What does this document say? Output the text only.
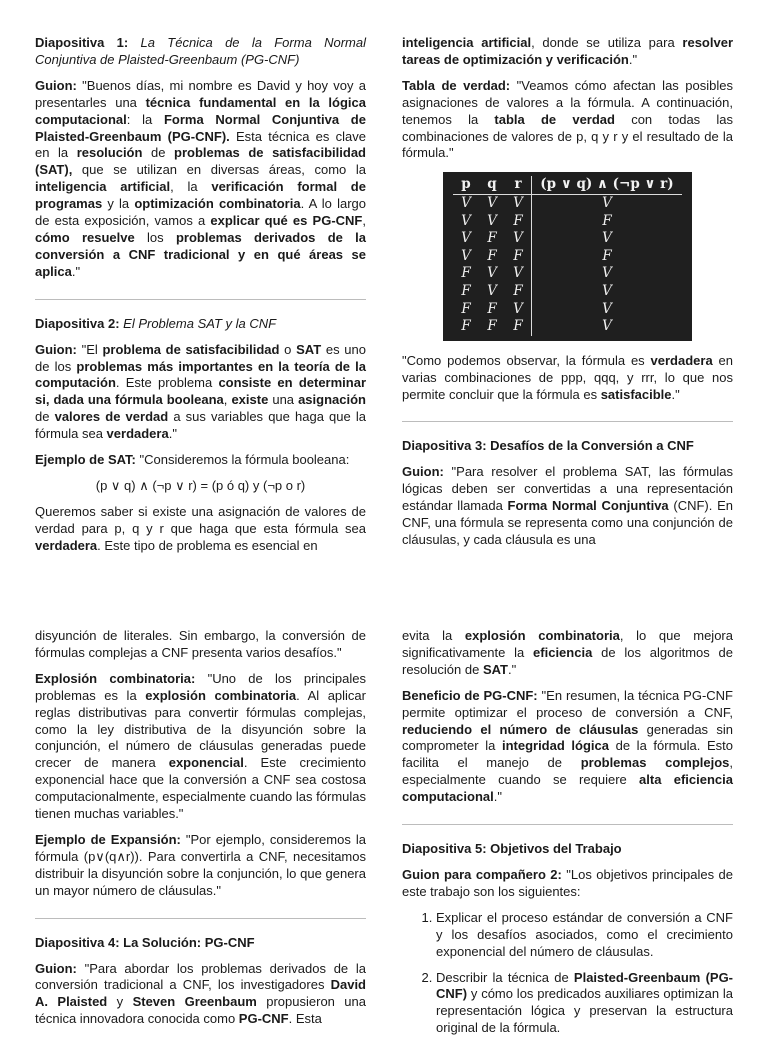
Diapositiva 1: La Técnica de la Forma Normal Conjuntiva de Plaisted-Greenbaum (PG-CNF)

Guion: "Buenos días, mi nombre es David y hoy voy a presentarles una técnica fundamental en la lógica computacional: la Forma Normal Conjuntiva de Plaisted-Greenbaum (PG-CNF). Esta técnica es clave en la resolución de problemas de satisfacibilidad (SAT), que se utilizan en diversas áreas, como la inteligencia artificial, la verificación formal de programas y la optimización combinatoria. A lo largo de esta exposición, vamos a explicar qué es PG-CNF, cómo resuelve los problemas derivados de la conversión a CNF tradicional y en qué áreas se aplica."

Diapositiva 2: El Problema SAT y la CNF

Guion: "El problema de satisfacibilidad o SAT es uno de los problemas más importantes en la teoría de la computación. Este problema consiste en determinar si, dada una fórmula booleana, existe una asignación de valores de verdad a sus variables que haga que la fórmula sea verdadera."

Ejemplo de SAT: "Consideremos la fórmula booleana:

(p ∨ q) ∧ (¬p ∨ r) = (p ó q) y (¬p o r)

Queremos saber si existe una asignación de valores de verdad para p, q y r que haga que esta fórmula sea verdadera. Este tipo de problema es esencial en

inteligencia artificial, donde se utiliza para resolver tareas de optimización y verificación."

Tabla de verdad: "Veamos cómo afectan las posibles asignaciones de valores a la fórmula. A continuación, tenemos la tabla de verdad con todas las combinaciones de valores de p, q y r y el resultado de la fórmula."

p	q	r	(p ∨ q) ∧ (¬p ∨ r)
V	V	V	V
V	V	F	F
V	F	V	V
V	F	F	F
F	V	V	V
F	V	F	V
F	F	V	V
F	F	F	V

"Como podemos observar, la fórmula es verdadera en varias combinaciones de ppp, qqq, y rrr, lo que nos permite concluir que la fórmula es satisfacible."

Diapositiva 3: Desafíos de la Conversión a CNF

Guion: "Para resolver el problema SAT, las fórmulas lógicas deben ser convertidas a una representación estándar llamada Forma Normal Conjuntiva (CNF). En CNF, una fórmula se representa como una conjunción de cláusulas, y cada cláusula es una

disyunción de literales. Sin embargo, la conversión de fórmulas complejas a CNF presenta varios desafíos."

Explosión combinatoria: "Uno de los principales problemas es la explosión combinatoria. Al aplicar reglas distributivas para convertir fórmulas complejas, como la ley distributiva de la disyunción sobre la conjunción, el número de cláusulas generadas puede crecer de manera exponencial. Este crecimiento exponencial hace que la conversión a CNF sea costosa computacionalmente, especialmente cuando las fórmulas tienen muchas variables."

Ejemplo de Expansión: "Por ejemplo, consideremos la fórmula (p∨(q∧r)). Para convertirla a CNF, necesitamos distribuir la disyunción sobre la conjunción, lo que genera un mayor número de cláusulas."

Diapositiva 4: La Solución: PG-CNF

Guion: "Para abordar los problemas derivados de la conversión tradicional a CNF, los investigadores David A. Plaisted y Steven Greenbaum propusieron una técnica innovadora conocida como PG-CNF. Esta

evita la explosión combinatoria, lo que mejora significativamente la eficiencia de los algoritmos de resolución de SAT."

Beneficio de PG-CNF: "En resumen, la técnica PG-CNF permite optimizar el proceso de conversión a CNF, reduciendo el número de cláusulas generadas sin comprometer la integridad lógica de la fórmula. Esto facilita el manejo de problemas complejos, especialmente cuando se requiere alta eficiencia computacional."

Diapositiva 5: Objetivos del Trabajo

Guion para compañero 2: "Los objetivos principales de este trabajo son los siguientes:

1. Explicar el proceso estándar de conversión a CNF y los desafíos asociados, como el crecimiento exponencial del número de cláusulas.
2. Describir la técnica de Plaisted-Greenbaum (PG-CNF) y cómo los predicados auxiliares optimizan la representación lógica y preservan la estructura original de la fórmula.
